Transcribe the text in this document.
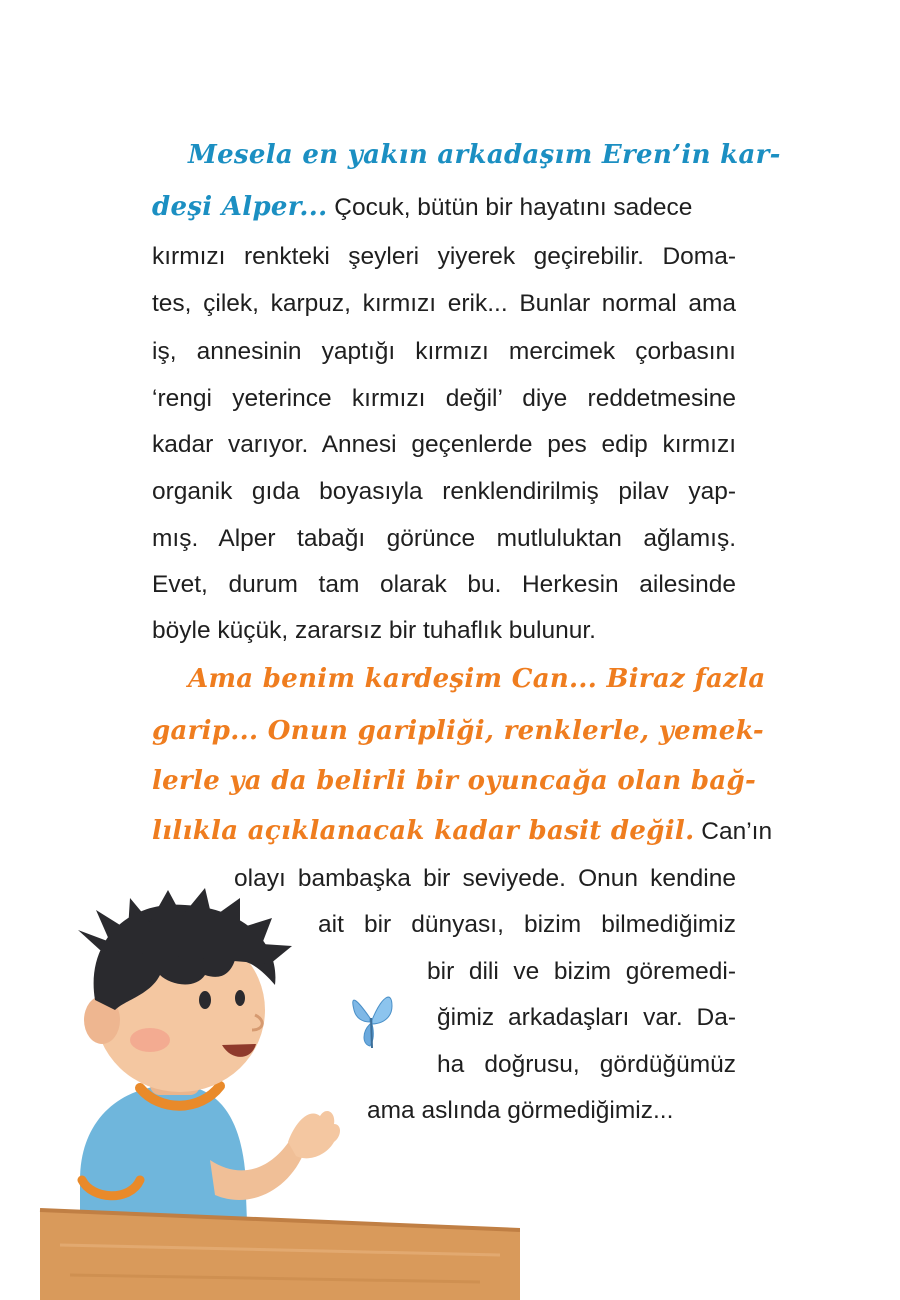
Mesela en yakın arkadaşım Eren’in kar-
deşi Alper... Çocuk, bütün bir hayatını sadece
kırmızı renkteki şeyleri yiyerek geçirebilir. Doma-
tes, çilek, karpuz, kırmızı erik... Bunlar normal ama
iş, annesinin yaptığı kırmızı mercimek çorbasını
‘rengi yeterince kırmızı değil’ diye reddetmesine
kadar varıyor. Annesi geçenlerde pes edip kırmızı
organik gıda boyasıyla renklendirilmiş pilav yap-
mış. Alper tabağı görünce mutluluktan ağlamış.
Evet, durum tam olarak bu. Herkesin ailesinde
böyle küçük, zararsız bir tuhaflık bulunur.
Ama benim kardeşim Can... Biraz fazla
garip... Onun garipliği, renklerle, yemek-
lerle ya da belirli bir oyuncağa olan bağ-
lılıkla açıklanacak kadar basit değil. Can’ın
olayı bambaşka bir seviyede. Onun kendine
ait bir dünyası, bizim bilmediğimiz
bir dili ve bizim göremedi-
ğimiz arkadaşları var. Da-
ha doğrusu, gördüğümüz
ama aslında görmediğimiz...
